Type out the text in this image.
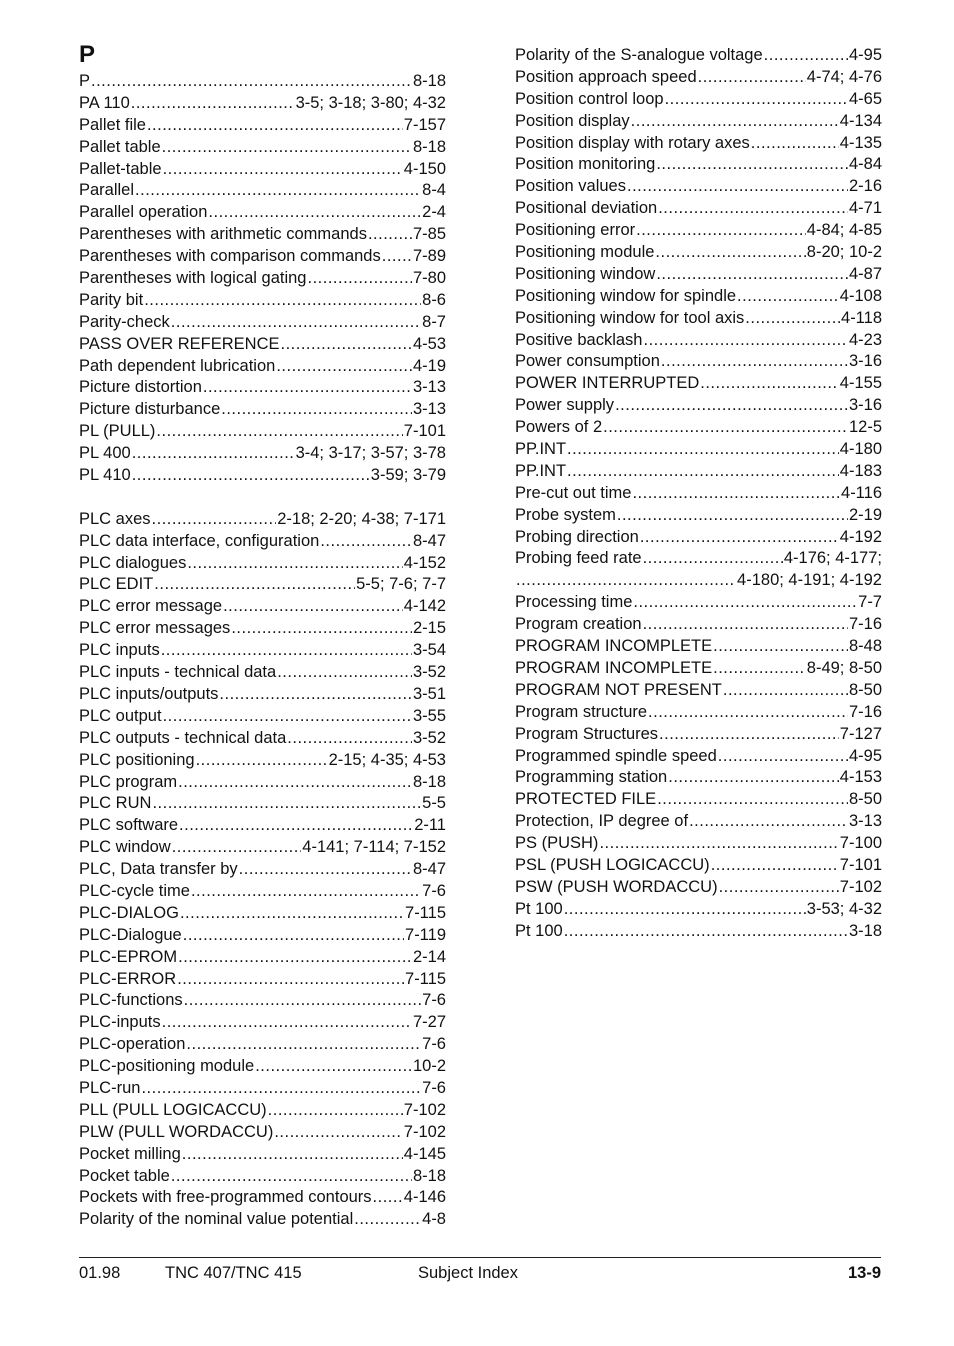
P
P .....	8-18
PA 110 .....	3-5; 3-18; 3-80; 4-32
Pallet file .....	7-157
Pallet table .....	8-18
Pallet-table .....	4-150
Parallel .....	8-4
Parallel operation .....	2-4
Parentheses with arithmetic commands .....	7-85
Parentheses with comparison commands ..... 7-89
Parentheses with logical gating .....	7-80
Parity bit .....	8-6
Parity-check .....	8-7
PASS OVER REFERENCE .....	4-53
Path dependent lubrication .....	4-19
Picture distortion .....	3-13
Picture disturbance .....	3-13
PL (PULL) .....	7-101
PL 400 .....	3-4; 3-17; 3-57; 3-78
PL 410 .....	3-59; 3-79
PLC axes .....	2-18; 2-20; 4-38; 7-171
PLC data interface, configuration .....	8-47
PLC dialogues .....	4-152
PLC EDIT .....	5-5; 7-6; 7-7
PLC error message .....	4-142
PLC error messages .....	2-15
PLC inputs .....	3-54
PLC inputs - technical data .....	3-52
PLC inputs/outputs .....	3-51
PLC output .....	3-55
PLC outputs - technical data .....	3-52
PLC positioning .....	2-15; 4-35; 4-53
PLC program .....	8-18
PLC RUN .....	5-5
PLC software .....	2-11
PLC window .....	4-141; 7-114; 7-152
PLC, Data transfer by .....	8-47
PLC-cycle time .....	7-6
PLC-DIALOG .....	7-115
PLC-Dialogue .....	7-119
PLC-EPROM .....	2-14
PLC-ERROR .....	7-115
PLC-functions .....	7-6
PLC-inputs .....	7-27
PLC-operation .....	7-6
PLC-positioning module .....	10-2
PLC-run .....	7-6
PLL (PULL LOGICACCU) .....	7-102
PLW (PULL WORDACCU) .....	7-102
Pocket milling .....	4-145
Pocket table .....	8-18
Pockets with free-programmed contours ..... 4-146
Polarity of the nominal value potential .....	4-8
Polarity of the S-analogue voltage .....	4-95
Position approach speed .....	4-74; 4-76
Position control loop .....	4-65
Position display .....	4-134
Position display with rotary axes .....	4-135
Position monitoring .....	4-84
Position values .....	2-16
Positional deviation .....	4-71
Positioning error .....	4-84; 4-85
Positioning module .....	8-20; 10-2
Positioning window .....	4-87
Positioning window for spindle .....	4-108
Positioning window for tool axis .....	4-118
Positive backlash .....	4-23
Power consumption .....	3-16
POWER INTERRUPTED .....	4-155
Power supply .....	3-16
Powers of 2 .....	12-5
PP.INT .....	4-180
PP.INT .....	4-183
Pre-cut out time .....	4-116
Probe system .....	2-19
Probing direction .....	4-192
Probing feed rate .....	4-176; 4-177;
.....
4-180; 4-191; 4-192
Processing time .....	7-7
Program creation .....	7-16
PROGRAM INCOMPLETE .....	8-48
PROGRAM INCOMPLETE .....	8-49; 8-50
PROGRAM NOT PRESENT .....	8-50
Program structure .....	7-16
Program Structures .....	7-127
Programmed spindle speed .....	4-95
Programming station .....	4-153
PROTECTED FILE .....	8-50
Protection, IP degree of .....	3-13
PS (PUSH) .....	7-100
PSL (PUSH LOGICACCU) .....	7-101
PSW (PUSH WORDACCU) .....	7-102
Pt 100 .....	3-53; 4-32
Pt 100 .....	3-18
01.98	TNC 407/TNC 415	Subject Index	13-9
